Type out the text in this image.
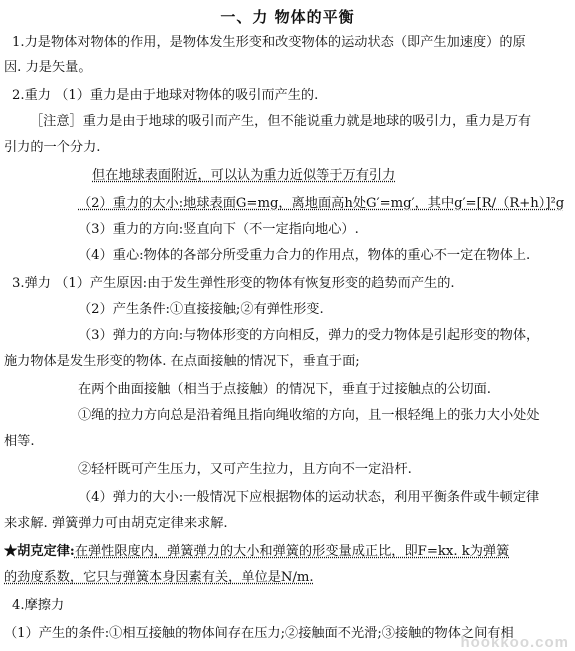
一、力 物体的平衡
1.力是物体对物体的作用，是物体发生形变和改变物体的运动状态（即产生加速度）的原
因. 力是矢量。
2.重力 （1）重力是由于地球对物体的吸引而产生的.
［注意］重力是由于地球的吸引而产生，但不能说重力就是地球的吸引力，重力是万有
引力的一个分力.
但在地球表面附近，可以认为重力近似等于万有引力
（2）重力的大小:地球表面G=mg，离地面高h处G′=mg′，其中g′=[R/（R+h）]²g
（3）重力的方向:竖直向下（不一定指向地心）.
（4）重心:物体的各部分所受重力合力的作用点，物体的重心不一定在物体上.
3.弹力 （1）产生原因:由于发生弹性形变的物体有恢复形变的趋势而产生的.
（2）产生条件:①直接接触;②有弹性形变.
（3）弹力的方向:与物体形变的方向相反，弹力的受力物体是引起形变的物体，
施力物体是发生形变的物体. 在点面接触的情况下，垂直于面;
在两个曲面接触（相当于点接触）的情况下，垂直于过接触点的公切面.
①绳的拉力方向总是沿着绳且指向绳收缩的方向，且一根轻绳上的张力大小处处
相等.
②轻杆既可产生压力，又可产生拉力，且方向不一定沿杆.
（4）弹力的大小:一般情况下应根据物体的运动状态，利用平衡条件或牛顿定律
来求解. 弹簧弹力可由胡克定律来求解.
★胡克定律:在弹性限度内，弹簧弹力的大小和弹簧的形变量成正比，即F=kx. k为弹簧
的劲度系数，它只与弹簧本身因素有关，单位是N/m.
4.摩擦力
（1）产生的条件:①相互接触的物体间存在压力;②接触面不光滑;③接触的物体之间有相
hookkoo.com
